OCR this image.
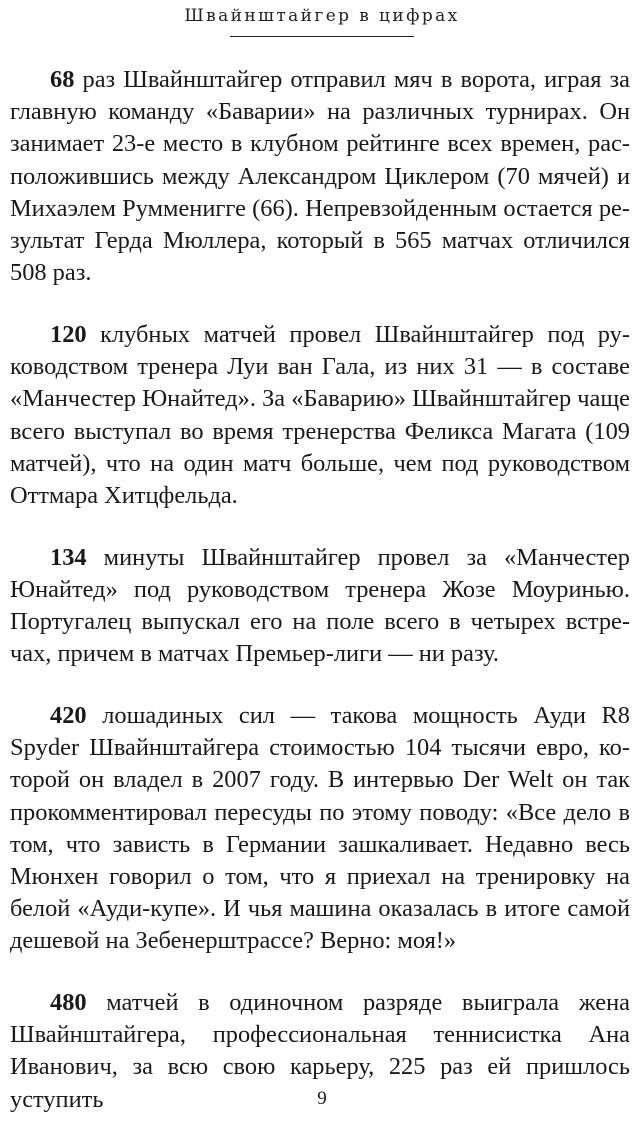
Швайнштайгер в цифрах

68 раз Швайнштайгер отправил мяч в ворота, играя за главную команду «Баварии» на различных турнирах. Он занимает 23-е место в клубном рейтинге всех времен, расположившись между Александром Циклером (70 мячей) и Михаэлем Румменигге (66). Непревзойденным остается результат Герда Мюллера, который в 565 матчах отличился 508 раз.

120 клубных матчей провел Швайнштайгер под руководством тренера Луи ван Гала, из них 31 — в составе «Манчестер Юнайтед». За «Баварию» Швайнштайгер чаще всего выступал во время тренерства Феликса Магата (109 матчей), что на один матч больше, чем под руководством Оттмара Хитцфельда.

134 минуты Швайнштайгер провел за «Манчестер Юнайтед» под руководством тренера Жозе Моуринью. Португалец выпускал его на поле всего в четырех встречах, причем в матчах Премьер-лиги — ни разу.

420 лошадиных сил — такова мощность Ауди R8 Spyder Швайнштайгера стоимостью 104 тысячи евро, которой он владел в 2007 году. В интервью Der Welt он так прокомментировал пересуды по этому поводу: «Все дело в том, что зависть в Германии зашкаливает. Недавно весь Мюнхен говорил о том, что я приехал на тренировку на белой «Ауди-купе». И чья машина оказалась в итоге самой дешевой на Зебенерштрассе? Верно: моя!»

480 матчей в одиночном разряде выиграла жена Швайнштайгера, профессиональная теннисистка Ана Иванович, за всю свою карьеру, 225 раз ей пришлось уступить	9
